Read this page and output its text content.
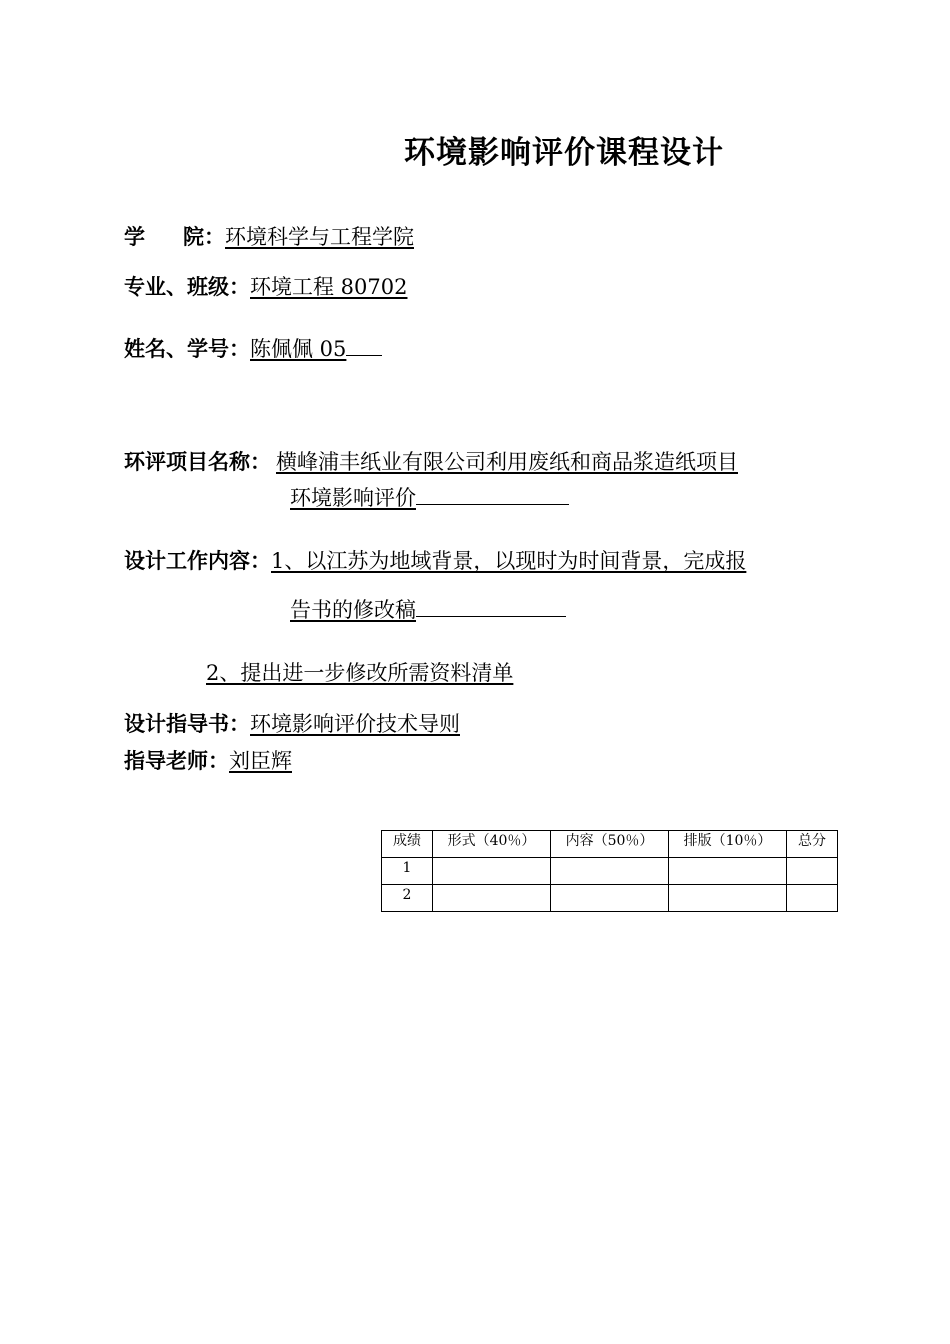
环境影响评价课程设计
学 院：环境科学与工程学院
专业、班级：环境工程 80702
姓名、学号：陈佩佩 05
环评项目名称： 横峰浦丰纸业有限公司利用废纸和商品浆造纸项目
环境影响评价
设计工作内容：1、以江苏为地域背景，以现时为时间背景，完成报
告书的修改稿
2、提出进一步修改所需资料清单
设计指导书：环境影响评价技术导则
指导老师：刘臣辉
成绩	形式（40％）	内容（50％）	排版（10％）	总分
1				
2				
